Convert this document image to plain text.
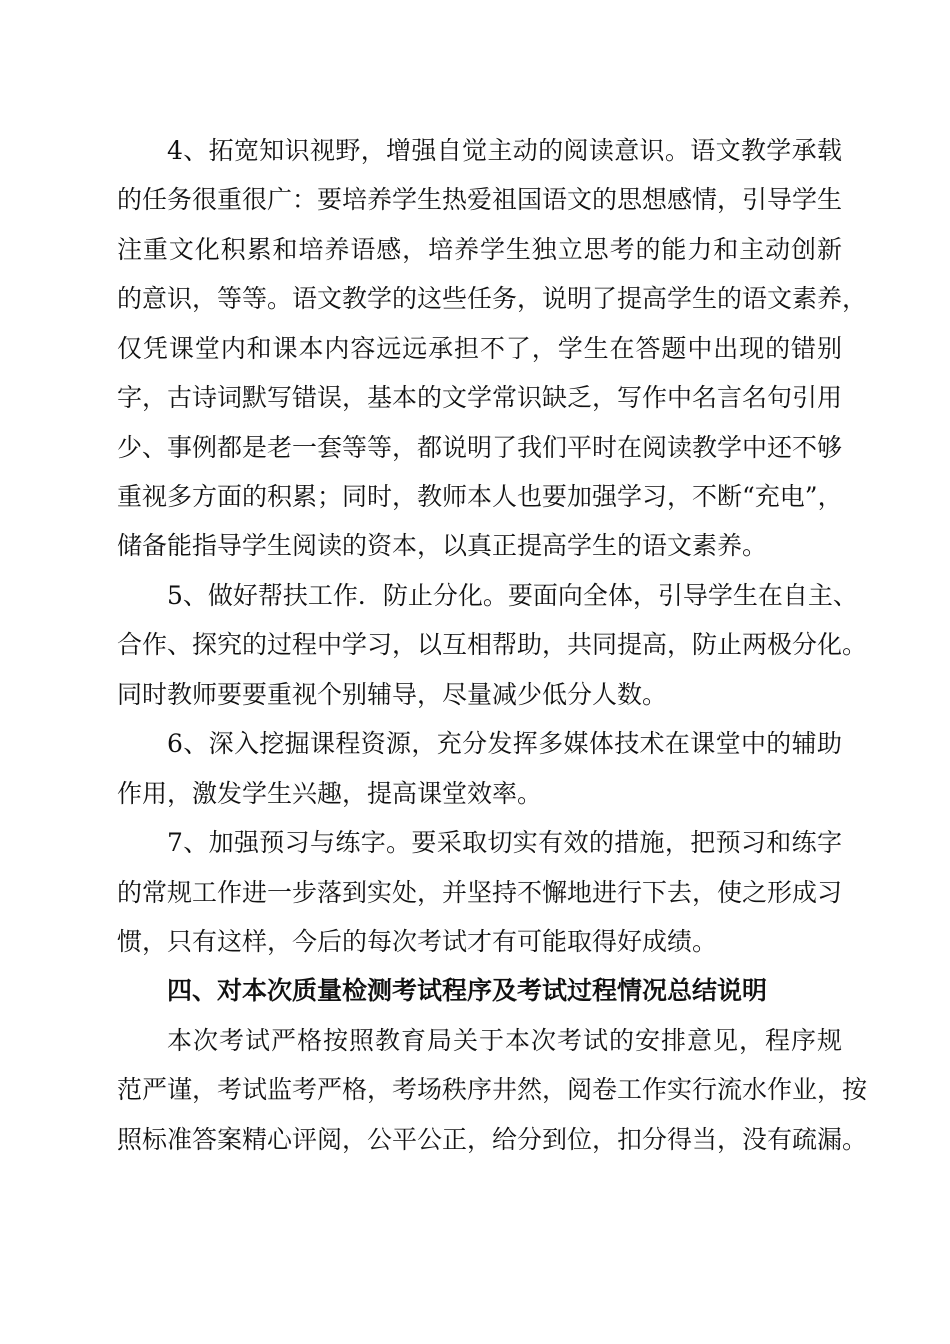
4、拓宽知识视野，增强自觉主动的阅读意识。语文教学承载
的任务很重很广：要培养学生热爱祖国语文的思想感情，引导学生
注重文化积累和培养语感，培养学生独立思考的能力和主动创新
的意识，等等。语文教学的这些任务，说明了提高学生的语文素养，
仅凭课堂内和课本内容远远承担不了，学生在答题中出现的错别
字，古诗词默写错误，基本的文学常识缺乏，写作中名言名句引用
少、事例都是老一套等等，都说明了我们平时在阅读教学中还不够
重视多方面的积累；同时，教师本人也要加强学习，不断“充电”，
储备能指导学生阅读的资本，以真正提高学生的语文素养。
5、做好帮扶工作．防止分化。要面向全体，引导学生在自主、
合作、探究的过程中学习，以互相帮助，共同提高，防止两极分化。
同时教师要要重视个别辅导，尽量减少低分人数。
6、深入挖掘课程资源，充分发挥多媒体技术在课堂中的辅助
作用，激发学生兴趣，提高课堂效率。
7、加强预习与练字。要采取切实有效的措施，把预习和练字
的常规工作进一步落到实处，并坚持不懈地进行下去，使之形成习
惯，只有这样，今后的每次考试才有可能取得好成绩。
四、对本次质量检测考试程序及考试过程情况总结说明
本次考试严格按照教育局关于本次考试的安排意见，程序规
范严谨，考试监考严格，考场秩序井然，阅卷工作实行流水作业，按
照标准答案精心评阅，公平公正，给分到位，扣分得当，没有疏漏。
